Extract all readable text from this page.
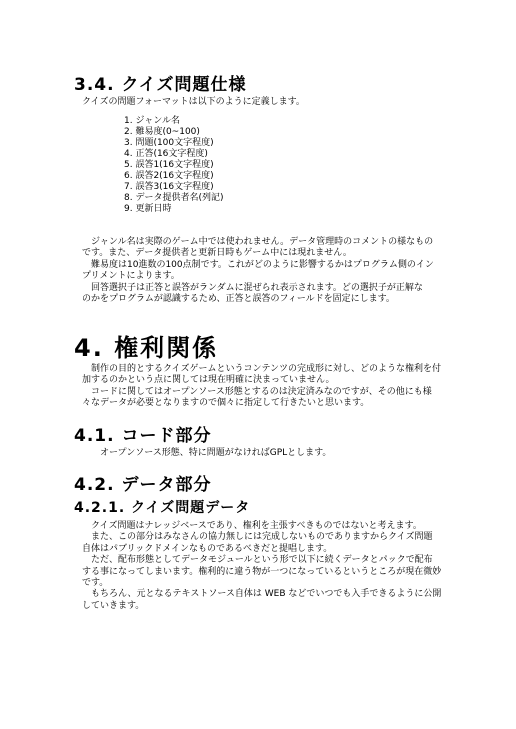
3.4. クイズ問題仕様
クイズの問題フォーマットは以下のように定義します。
1. ジャンル名
2. 難易度(0~100)
3. 問題(100文字程度)
4. 正答(16文字程度)
5. 誤答1(16文字程度)
6. 誤答2(16文字程度)
7. 誤答3(16文字程度)
8. データ提供者名(列記)
9. 更新日時

　ジャンル名は実際のゲーム中では使われません。データ管理時のコメントの様なもの

です。また、データ提供者と更新日時もゲーム中には現れません。

　難易度は10進数の100点制です。これがどのように影響するかはプログラム側のイン

プリメントによります。

　回答選択子は正答と誤答がランダムに混ぜられ表示されます。どの選択子が正解な

のかをプログラムが認識するため、正答と誤答のフィールドを固定にします。

4. 権利関係

　制作の目的とするクイズゲームというコンテンツの完成形に対し、どのような権利を付

加するのかという点に関しては現在明確に決まっていません。

　コードに関してはオープンソース形態とするのは決定済みなのですが、その他にも様

々なデータが必要となりますので個々に指定して行きたいと思います。

4.1. コード部分
オープンソース形態、特に問題がなければGPLとします。
4.2. データ部分
4.2.1. クイズ問題データ

　クイズ問題はナレッジベースであり、権利を主張すべきものではないと考えます。

　また、この部分はみなさんの協力無しには完成しないものでありますからクイズ問題

自体はパブリックドメインなものであるべきだと提唱します。

　ただ、配布形態としてデータモジュールという形で以下に続くデータとパックで配布

する事になってしまいます。権利的に違う物が一つになっているというところが現在微妙

です。

　もちろん、元となるテキストソース自体は WEB などでいつでも入手できるように公開

していきます。
